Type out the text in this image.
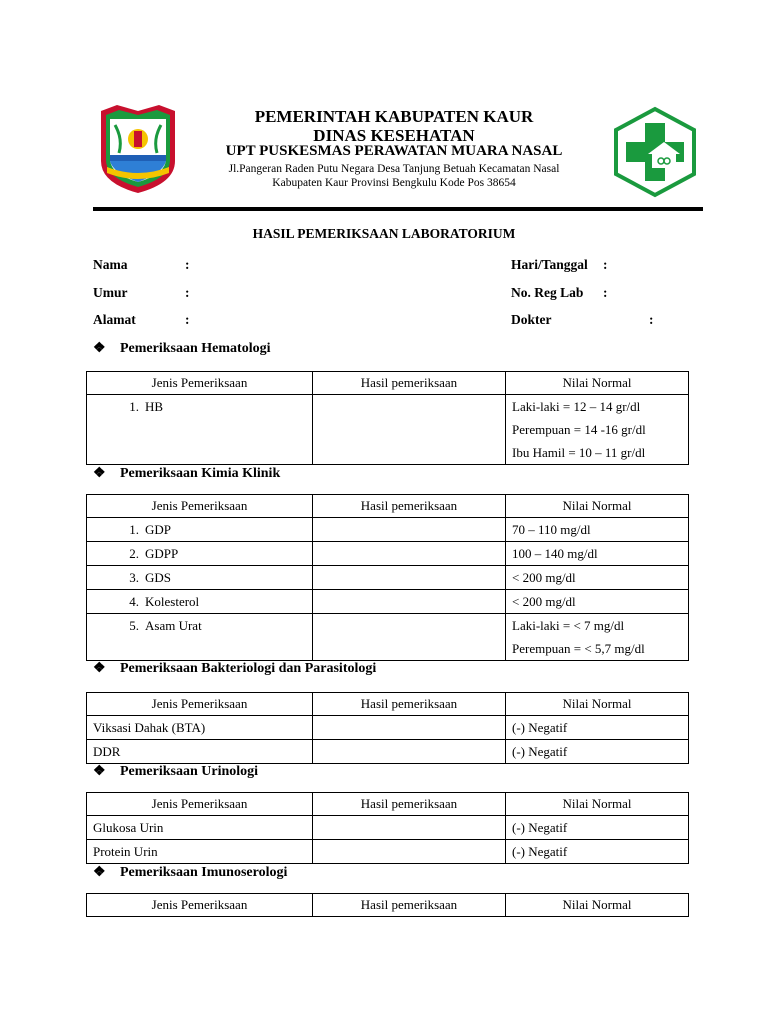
PEMERINTAH KABUPATEN KAUR
DINAS KESEHATAN
UPT PUSKESMAS PERAWATAN MUARA NASAL
Jl.Pangeran Raden Putu Negara Desa Tanjung Betuah Kecamatan Nasal
Kabupaten Kaur Provinsi Bengkulu Kode Pos 38654
HASIL PEMERIKSAAN LABORATORIUM
Nama	:
Umur	:
Alamat	:
Hari/Tanggal :
No. Reg Lab :
Dokter	:
❖ Pemeriksaan Hematologi
Jenis Pemeriksaan	Hasil pemeriksaan	Nilai Normal
1. HB		Laki-laki = 12 – 14 gr/dl
Perempuan = 14 -16 gr/dl
Ibu Hamil = 10 – 11 gr/dl
❖ Pemeriksaan Kimia Klinik
Jenis Pemeriksaan	Hasil pemeriksaan	Nilai Normal
1. GDP		70 – 110 mg/dl

2. GDPP		100 – 140 mg/dl

3. GDS		< 200 mg/dl

4. Kolesterol		< 200 mg/dl

5. Asam Urat		Laki-laki = < 7 mg/dl
Perempuan = < 5,7 mg/dl
❖ Pemeriksaan Bakteriologi dan Parasitologi
Jenis Pemeriksaan	Hasil pemeriksaan	Nilai Normal
Viksasi Dahak (BTA)		(-) Negatif

DDR		(-) Negatif
❖ Pemeriksaan Urinologi
Jenis Pemeriksaan	Hasil pemeriksaan	Nilai Normal
Glukosa Urin		(-) Negatif

Protein Urin		(-) Negatif
❖ Pemeriksaan Imunoserologi
Jenis Pemeriksaan	Hasil pemeriksaan	Nilai Normal
